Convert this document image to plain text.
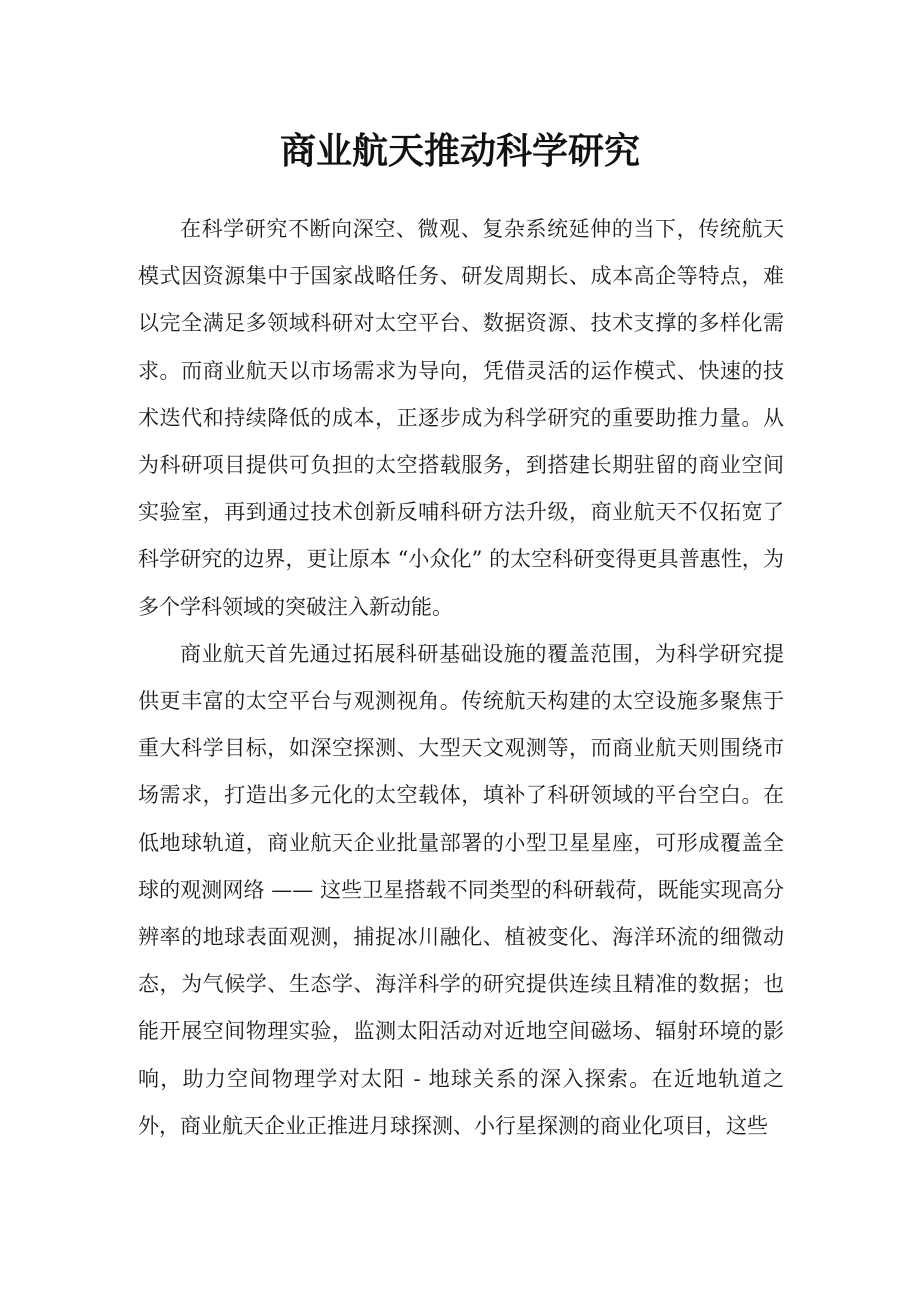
商业航天推动科学研究

在科学研究不断向深空、微观、复杂系统延伸的当下，传统航天模式因资源集中于国家战略任务、研发周期长、成本高企等特点，难以完全满足多领域科研对太空平台、数据资源、技术支撑的多样化需求。而商业航天以市场需求为导向，凭借灵活的运作模式、快速的技术迭代和持续降低的成本，正逐步成为科学研究的重要助推力量。从为科研项目提供可负担的太空搭载服务，到搭建长期驻留的商业空间实验室，再到通过技术创新反哺科研方法升级，商业航天不仅拓宽了科学研究的边界，更让原本 “小众化” 的太空科研变得更具普惠性，为多个学科领域的突破注入新动能。

商业航天首先通过拓展科研基础设施的覆盖范围，为科学研究提供更丰富的太空平台与观测视角。传统航天构建的太空设施多聚焦于重大科学目标，如深空探测、大型天文观测等，而商业航天则围绕市场需求，打造出多元化的太空载体，填补了科研领域的平台空白。在低地球轨道，商业航天企业批量部署的小型卫星星座，可形成覆盖全球的观测网络 —— 这些卫星搭载不同类型的科研载荷，既能实现高分辨率的地球表面观测，捕捉冰川融化、植被变化、海洋环流的细微动态，为气候学、生态学、海洋科学的研究提供连续且精准的数据；也能开展空间物理实验，监测太阳活动对近地空间磁场、辐射环境的影响，助力空间物理学对太阳 - 地球关系的深入探索。在近地轨道之外，商业航天企业正推进月球探测、小行星探测的商业化项目，这些
